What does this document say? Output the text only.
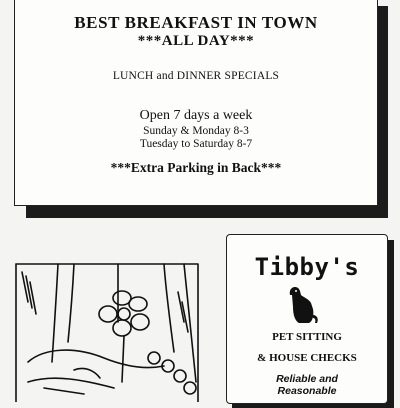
BEST BREAKFAST IN TOWN
***ALL DAY***
LUNCH and DINNER SPECIALS
Open 7 days a week
Sunday & Monday 8-3
Tuesday to Saturday 8-7
***Extra Parking in Back***
Tibby's
PET SITTING
& HOUSE CHECKS
Reliable and
Reasonable
